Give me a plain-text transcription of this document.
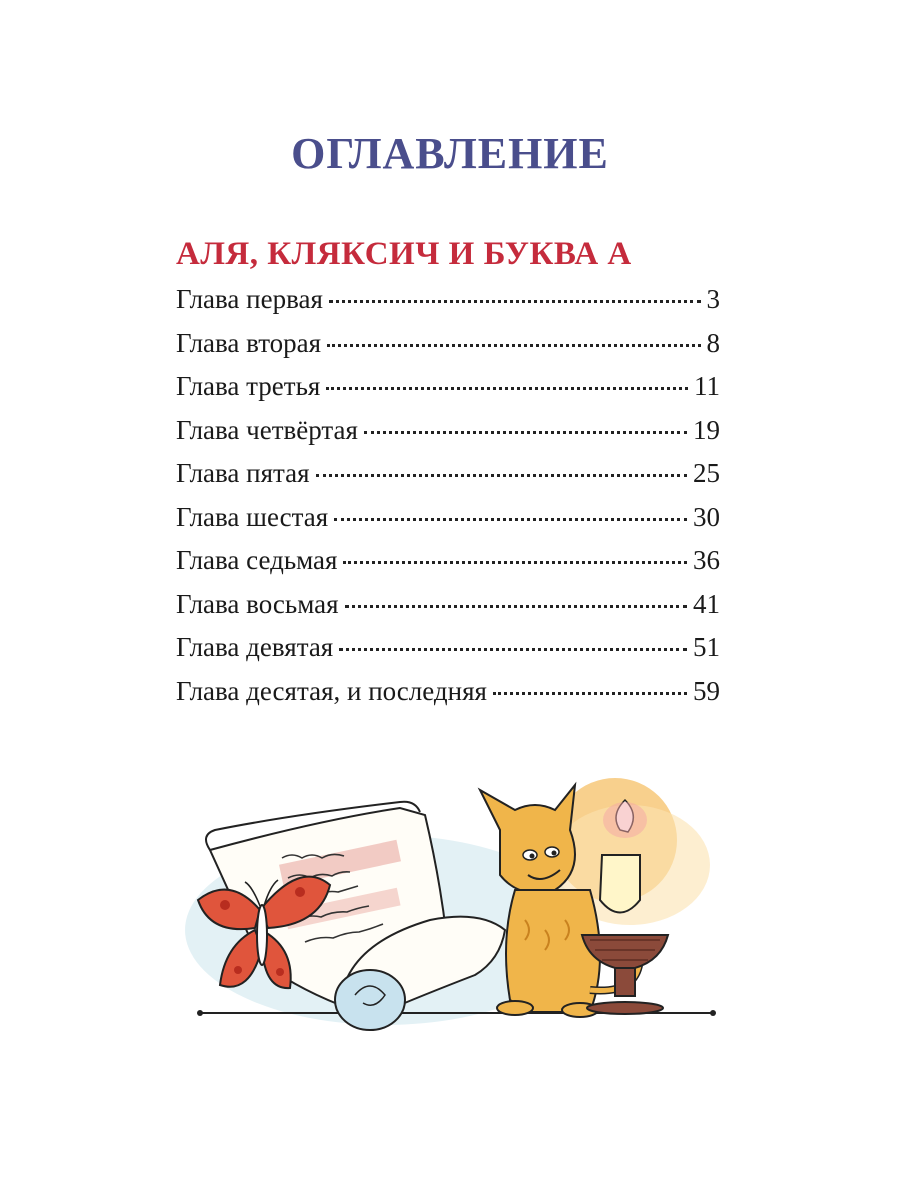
ОГЛАВЛЕНИЕ
АЛЯ, КЛЯКСИЧ И БУКВА А
Глава первая	3
Глава вторая	8
Глава третья	11
Глава четвёртая	19
Глава пятая	25
Глава шестая	30
Глава седьмая	36
Глава восьмая	41
Глава девятая	51
Глава десятая, и последняя	59
